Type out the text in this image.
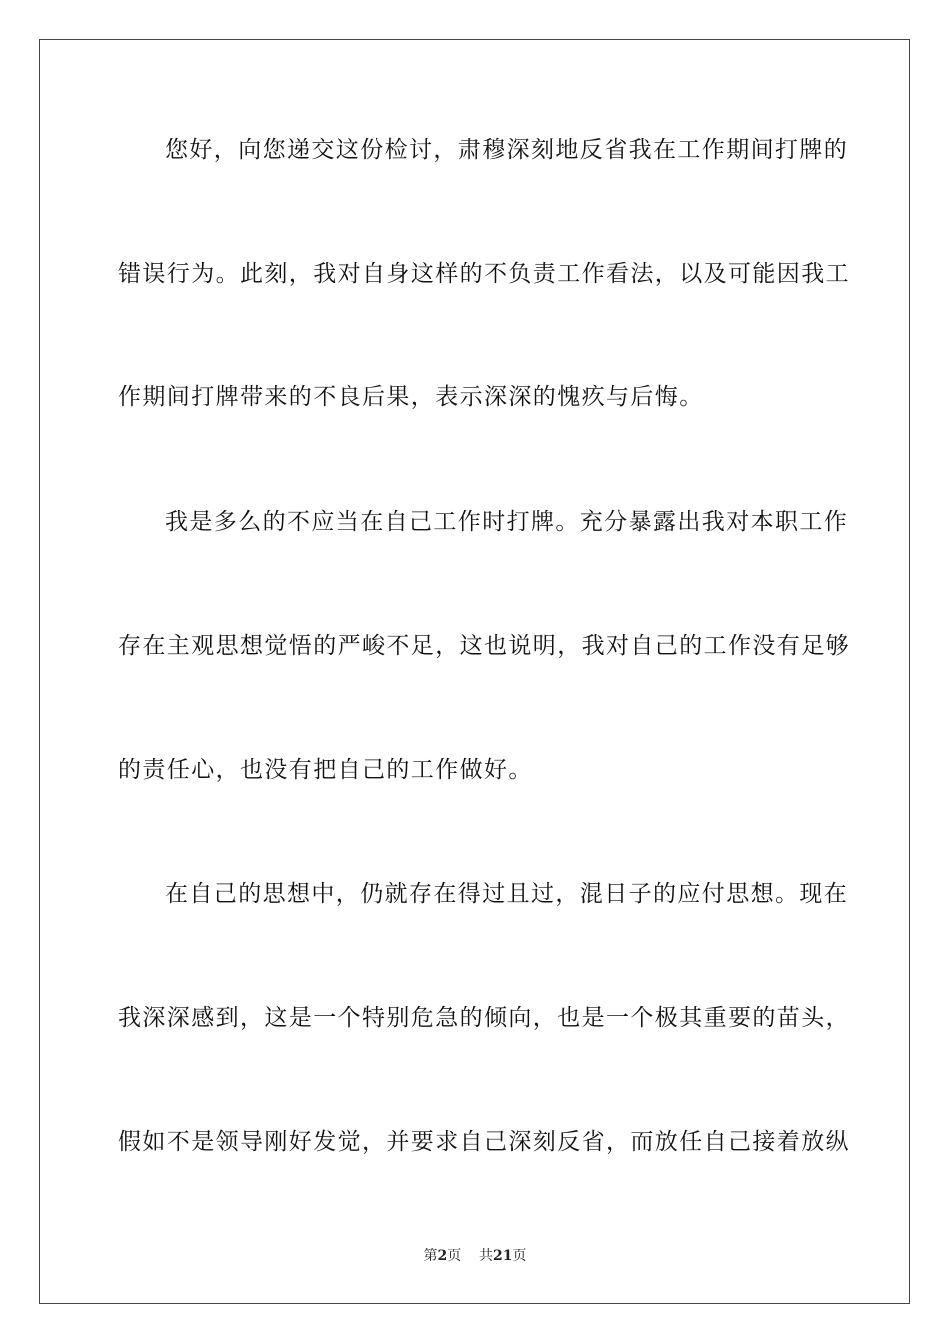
您好，向您递交这份检讨，肃穆深刻地反省我在工作期间打牌的

错误行为。此刻，我对自身这样的不负责工作看法，以及可能因我工

作期间打牌带来的不良后果，表示深深的愧疚与后悔。

我是多么的不应当在自己工作时打牌。充分暴露出我对本职工作

存在主观思想觉悟的严峻不足，这也说明，我对自己的工作没有足够

的责任心，也没有把自己的工作做好。

在自己的思想中，仍就存在得过且过，混日子的应付思想。现在

我深深感到，这是一个特别危急的倾向，也是一个极其重要的苗头，

假如不是领导刚好发觉，并要求自己深刻反省，而放任自己接着放纵

第2页 共21页
